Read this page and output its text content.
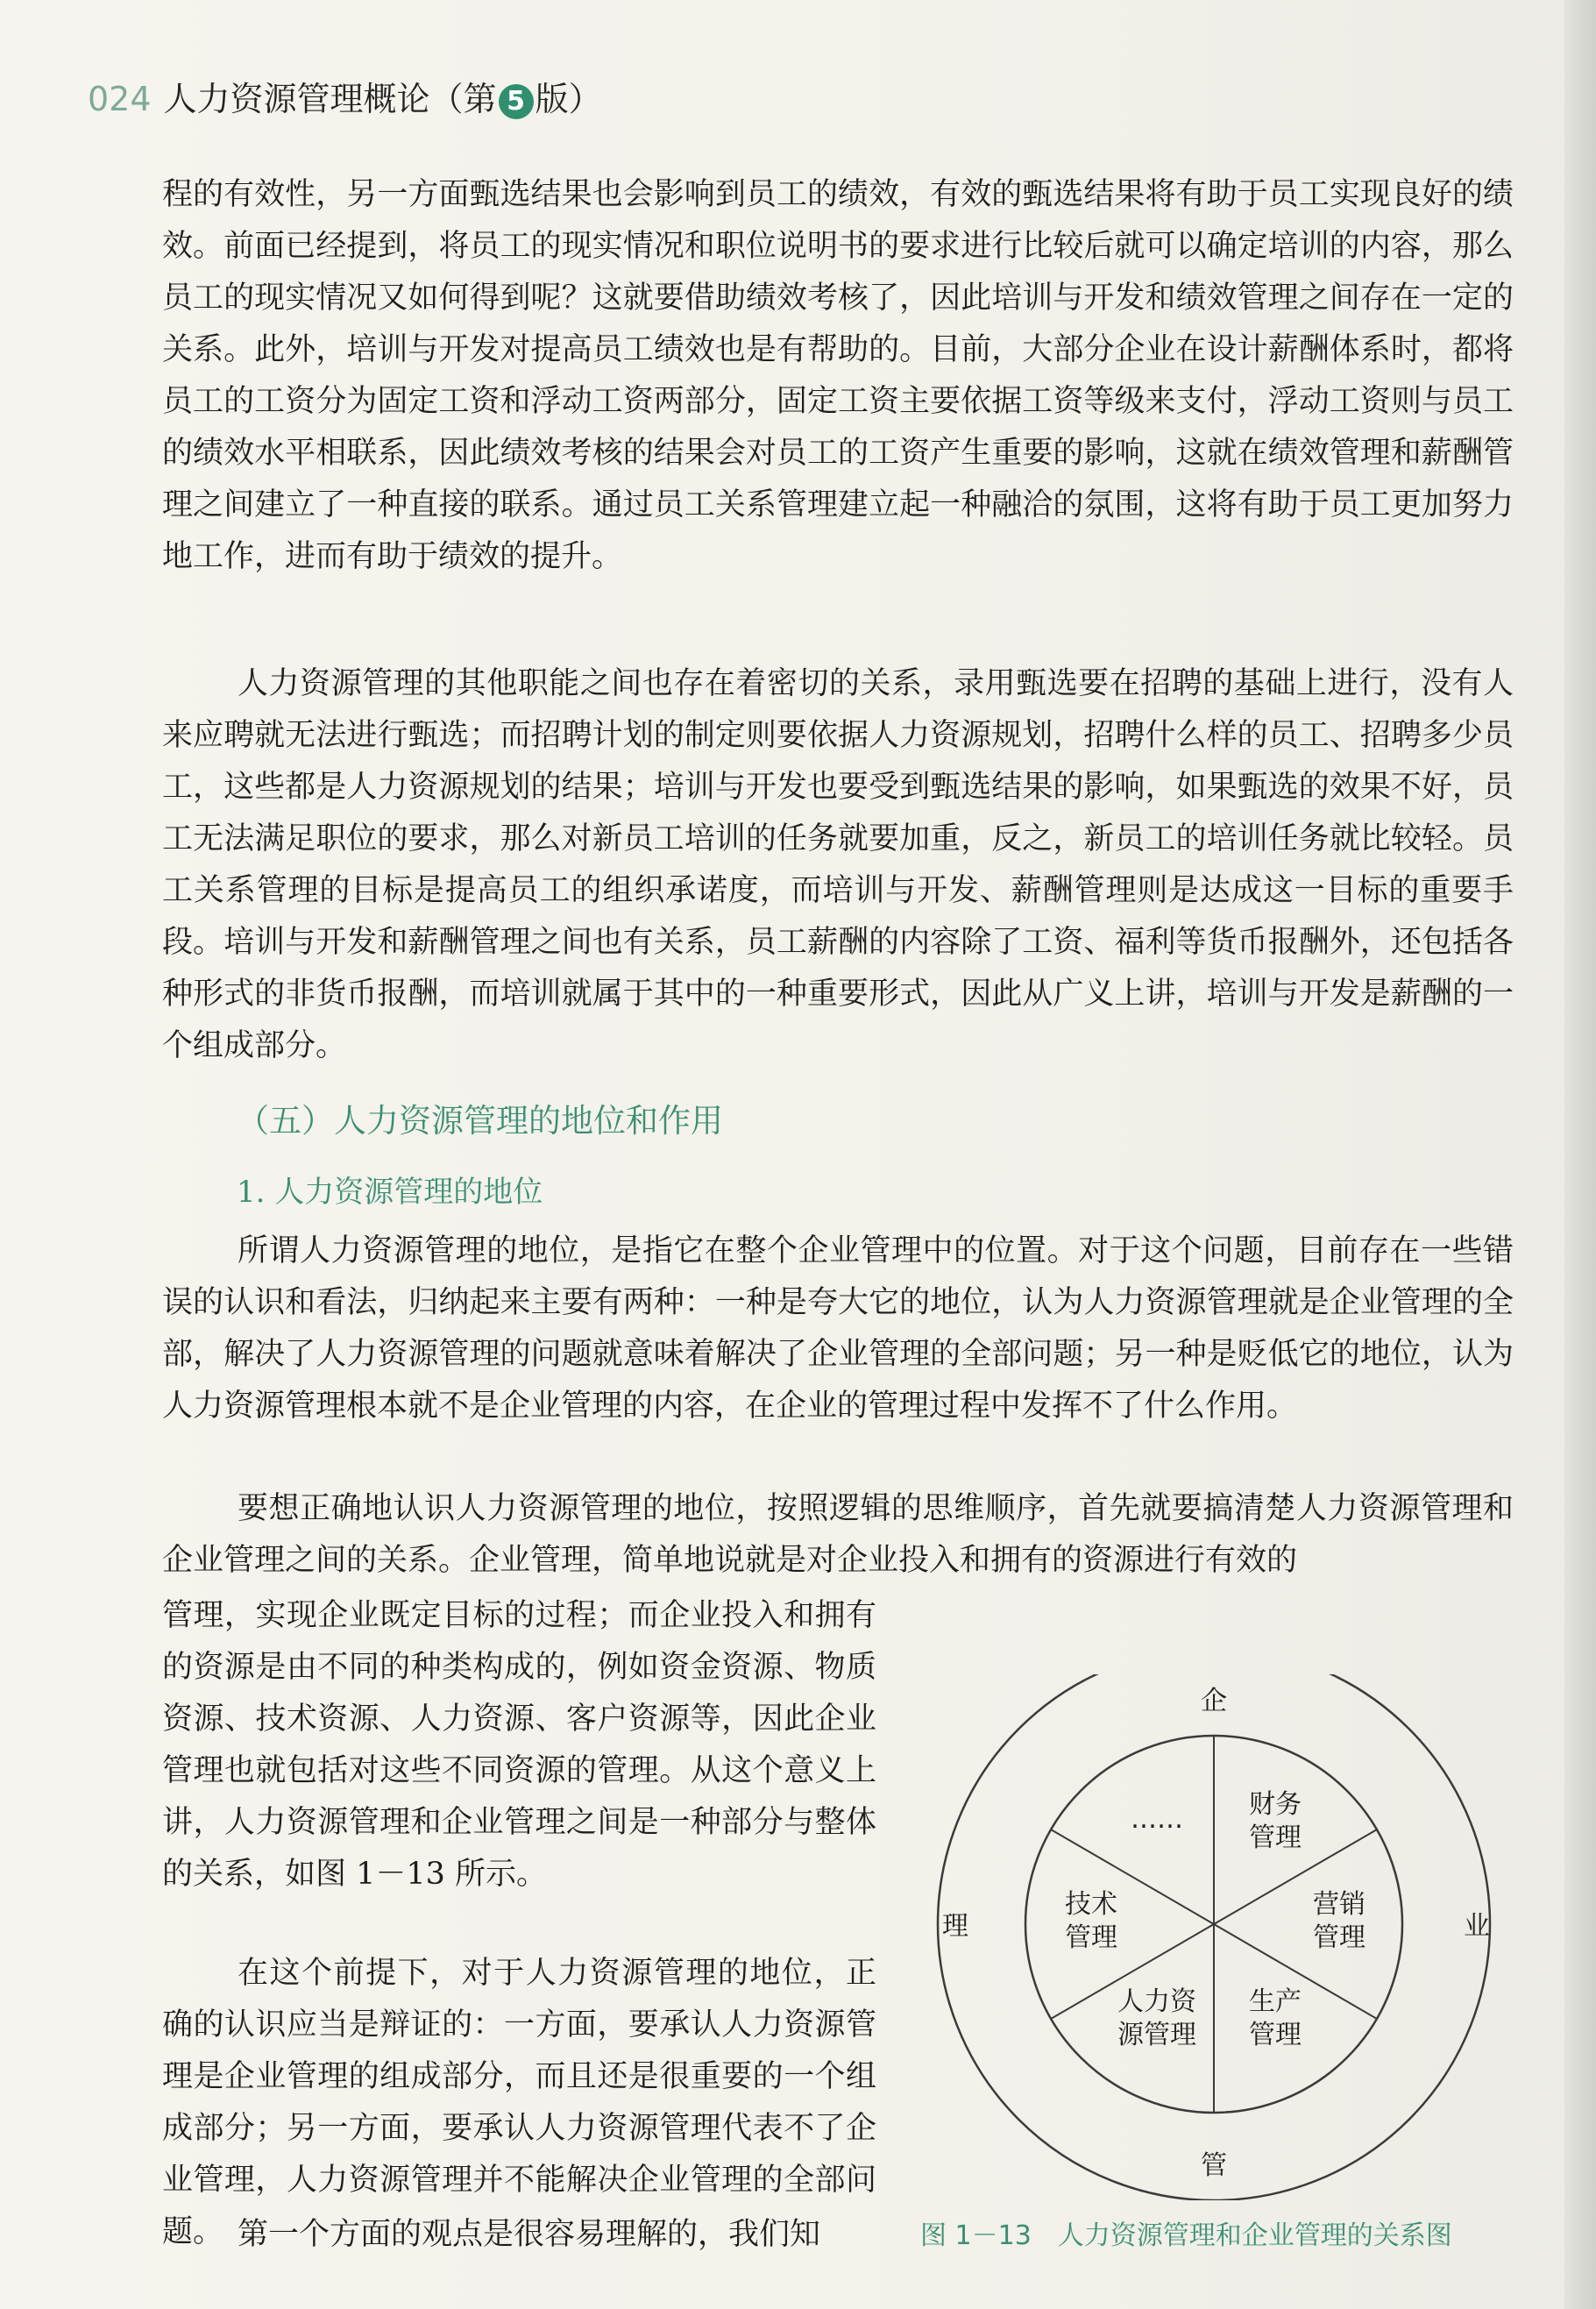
024 人力资源管理概论（第 5 版）

程的有效性，另一方面甄选结果也会影响到员工的绩效，有效的甄选结果将有助于员工实现良好的绩效。前面已经提到，将员工的现实情况和职位说明书的要求进行比较后就可以确定培训的内容，那么员工的现实情况又如何得到呢？这就要借助绩效考核了，因此培训与开发和绩效管理之间存在一定的关系。此外，培训与开发对提高员工绩效也是有帮助的。目前，大部分企业在设计薪酬体系时，都将员工的工资分为固定工资和浮动工资两部分，固定工资主要依据工资等级来支付，浮动工资则与员工的绩效水平相联系，因此绩效考核的结果会对员工的工资产生重要的影响，这就在绩效管理和薪酬管理之间建立了一种直接的联系。通过员工关系管理建立起一种融洽的氛围，这将有助于员工更加努力地工作，进而有助于绩效的提升。

人力资源管理的其他职能之间也存在着密切的关系，录用甄选要在招聘的基础上进行，没有人来应聘就无法进行甄选；而招聘计划的制定则要依据人力资源规划，招聘什么样的员工、招聘多少员工，这些都是人力资源规划的结果；培训与开发也要受到甄选结果的影响，如果甄选的效果不好，员工无法满足职位的要求，那么对新员工培训的任务就要加重，反之，新员工的培训任务就比较轻。员工关系管理的目标是提高员工的组织承诺度，而培训与开发、薪酬管理则是达成这一目标的重要手段。培训与开发和薪酬管理之间也有关系，员工薪酬的内容除了工资、福利等货币报酬外，还包括各种形式的非货币报酬，而培训就属于其中的一种重要形式，因此从广义上讲，培训与开发是薪酬的一个组成部分。

（五）人力资源管理的地位和作用
1. 人力资源管理的地位

所谓人力资源管理的地位，是指它在整个企业管理中的位置。对于这个问题，目前存在一些错误的认识和看法，归纳起来主要有两种：一种是夸大它的地位，认为人力资源管理就是企业管理的全部，解决了人力资源管理的问题就意味着解决了企业管理的全部问题；另一种是贬低它的地位，认为人力资源管理根本就不是企业管理的内容，在企业的管理过程中发挥不了什么作用。

要想正确地认识人力资源管理的地位，按照逻辑的思维顺序，首先就要搞清楚人力资源管理和企业管理之间的关系。企业管理，简单地说就是对企业投入和拥有的资源进行有效的

管理，实现企业既定目标的过程；而企业投入和拥有的资源是由不同的种类构成的，例如资金资源、物质资源、技术资源、人力资源、客户资源等，因此企业管理也就包括对这些不同资源的管理。从这个意义上讲，人力资源管理和企业管理之间是一种部分与整体的关系，如图 1－13 所示。

在这个前提下，对于人力资源管理的地位，正确的认识应当是辩证的：一方面，要承认人力资源管理是企业管理的组成部分，而且还是很重要的一个组成部分；另一方面，要承认人力资源管理代表不了企业管理，人力资源管理并不能解决企业管理的全部问题。 第一个方面的观点是很容易理解的，我们知

企
业
管
理
……	财务
管理
营销
管理
生产
管理
人力资
源管理
技术
管理
图 1－13 人力资源管理和企业管理的关系图
